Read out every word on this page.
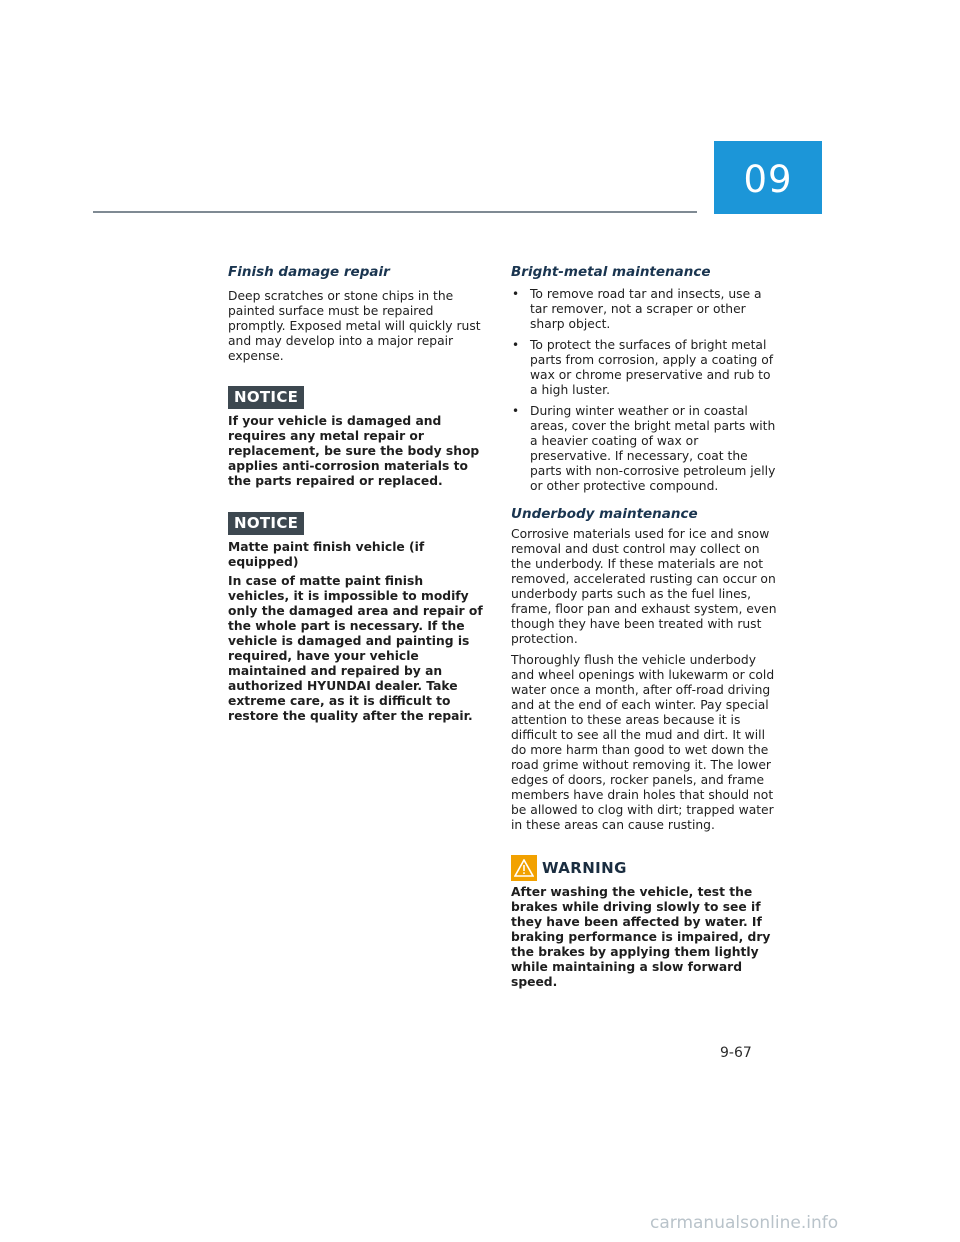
09
Finish damage repair

Deep scratches or stone chips in the painted surface must be repaired promptly. Exposed metal will quickly rust and may develop into a major repair expense.

NOTICE

If your vehicle is damaged and requires any metal repair or replacement, be sure the body shop applies anti-corrosion materials to the parts repaired or replaced.

NOTICE

Matte paint finish vehicle (if equipped)

In case of matte paint finish vehicles, it is impossible to modify only the damaged area and repair of the whole part is necessary. If the vehicle is damaged and painting is required, have your vehicle maintained and repaired by an authorized HYUNDAI dealer. Take extreme care, as it is difficult to restore the quality after the repair.

Bright-metal maintenance
• To remove road tar and insects, use a tar remover, not a scraper or other sharp object.
• To protect the surfaces of bright metal parts from corrosion, apply a coating of wax or chrome preservative and rub to a high luster.
• During winter weather or in coastal areas, cover the bright metal parts with a heavier coating of wax or preservative. If necessary, coat the parts with non-corrosive petroleum jelly or other protective compound.
Underbody maintenance

Corrosive materials used for ice and snow removal and dust control may collect on the underbody. If these materials are not removed, accelerated rusting can occur on underbody parts such as the fuel lines, frame, floor pan and exhaust system, even though they have been treated with rust protection.

Thoroughly flush the vehicle underbody and wheel openings with lukewarm or cold water once a month, after off-road driving and at the end of each winter. Pay special attention to these areas because it is difficult to see all the mud and dirt. It will do more harm than good to wet down the road grime without removing it. The lower edges of doors, rocker panels, and frame members have drain holes that should not be allowed to clog with dirt; trapped water in these areas can cause rusting.

WARNING

After washing the vehicle, test the brakes while driving slowly to see if they have been affected by water. If braking performance is impaired, dry the brakes by applying them lightly while maintaining a slow forward speed.

9-67
carmanualsonline.info
